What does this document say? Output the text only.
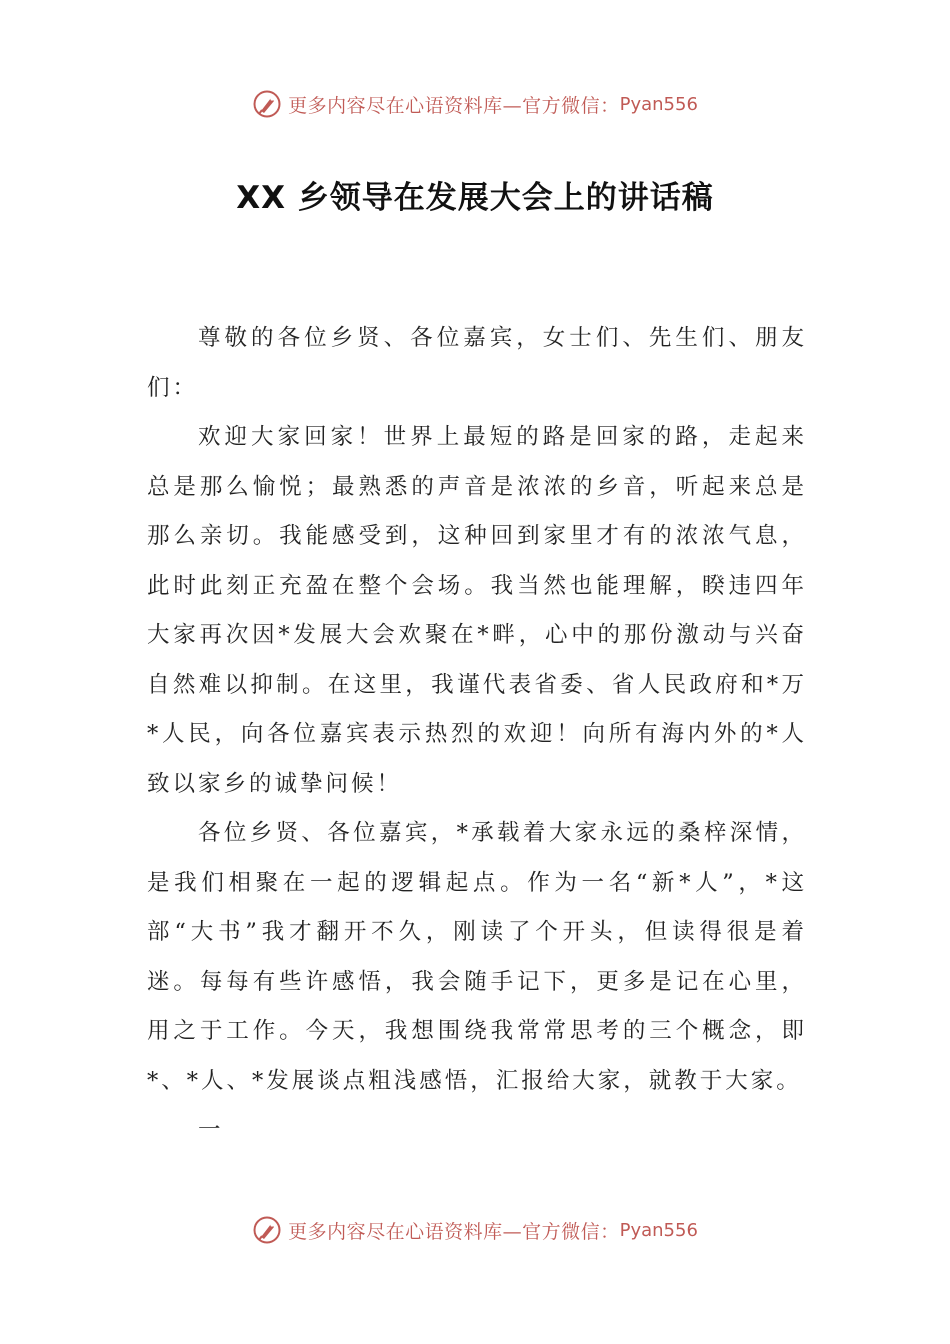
更多内容尽在心语资料库—官方微信： Pyan556
XX 乡领导在发展大会上的讲话稿

尊敬的各位乡贤、各位嘉宾，女士们、先生们、朋友们：

欢迎大家回家！世界上最短的路是回家的路，走起来总是那么愉悦；最熟悉的声音是浓浓的乡音，听起来总是那么亲切。我能感受到，这种回到家里才有的浓浓气息，此时此刻正充盈在整个会场。我当然也能理解，睽违四年大家再次因*发展大会欢聚在*畔，心中的那份激动与兴奋自然难以抑制。在这里，我谨代表省委、省人民政府和*万*人民，向各位嘉宾表示热烈的欢迎！向所有海内外的*人致以家乡的诚挚问候！

各位乡贤、各位嘉宾，*承载着大家永远的桑梓深情，是我们相聚在一起的逻辑起点。作为一名“新*人”，*这部“大书”我才翻开不久，刚读了个开头，但读得很是着迷。每每有些许感悟，我会随手记下，更多是记在心里，用之于工作。今天，我想围绕我常常思考的三个概念，即*、*人、*发展谈点粗浅感悟，汇报给大家，就教于大家。

一

更多内容尽在心语资料库—官方微信： Pyan556
